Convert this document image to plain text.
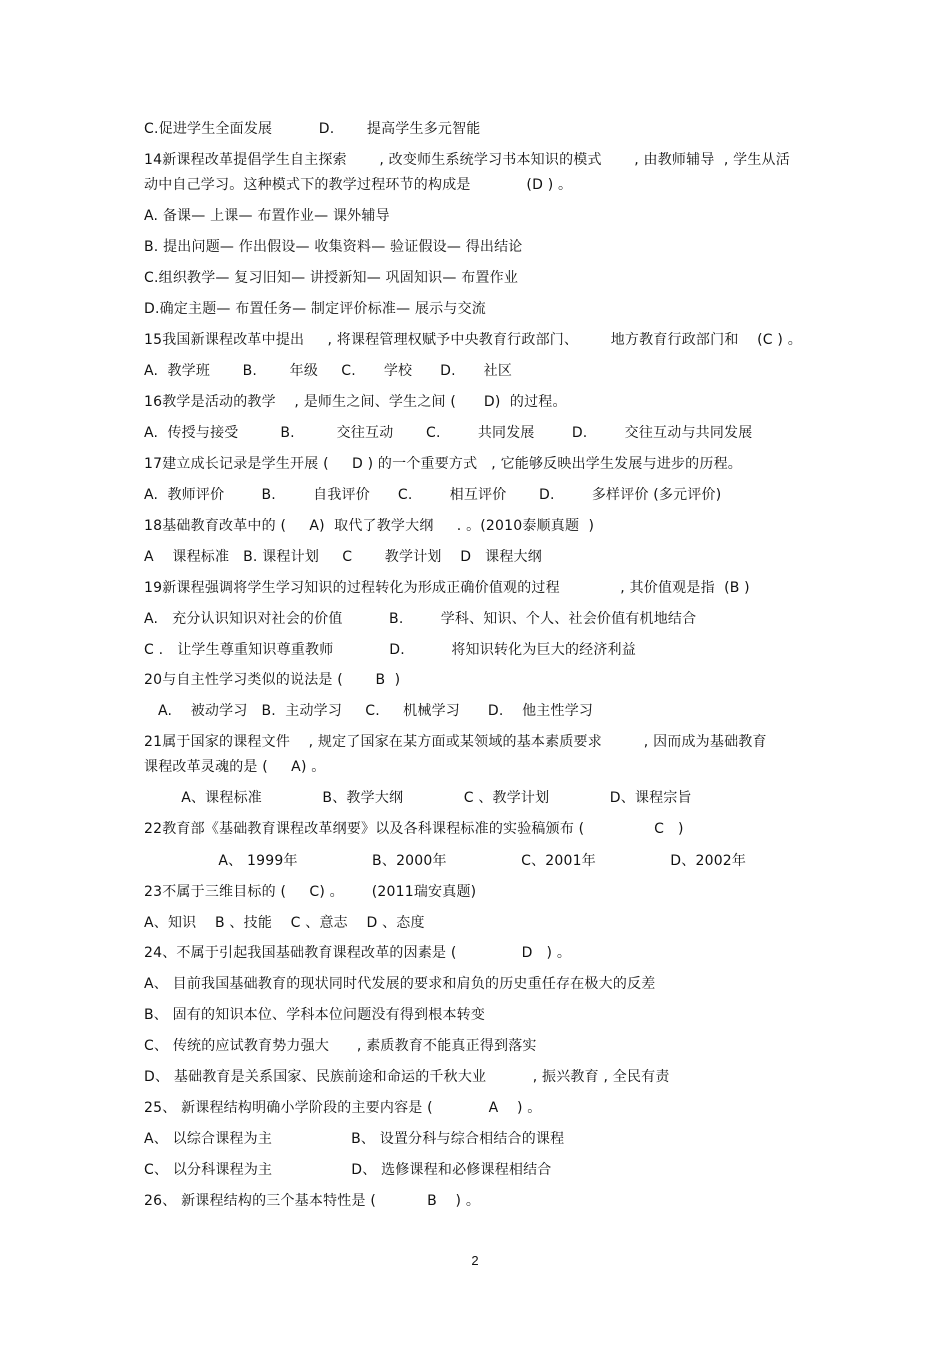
C.促进学生全面发展          D.       提高学生多元智能
14新课程改革提倡学生自主探索       , 改变师生系统学习书本知识的模式       , 由教师辅导  , 学生从活
动中自己学习。这种模式下的教学过程环节的构成是            (D ) 。
A. 备课— 上课— 布置作业— 课外辅导
B. 提出问题— 作出假设— 收集资料— 验证假设— 得出结论
C.组织教学— 复习旧知— 讲授新知— 巩固知识— 布置作业
D.确定主题— 布置任务— 制定评价标准— 展示与交流
15我国新课程改革中提出     , 将课程管理权赋予中央教育行政部门、       地方教育行政部门和    (C ) 。
A.  教学班       B.       年级     C.      学校      D.      社区
16教学是活动的教学    , 是师生之间、学生之间 (      D)  的过程。
A.  传授与接受         B.         交往互动       C.        共同发展        D.        交往互动与共同发展
17建立成长记录是学生开展 (     D ) 的一个重要方式   , 它能够反映出学生发展与进步的历程。
A.  教师评价        B.        自我评价      C.        相互评价       D.        多样评价 (多元评价)
18基础教育改革中的 (     A)  取代了教学大纲     . 。(2010泰顺真题  )
A    课程标准   B. 课程计划     C       教学计划    D   课程大纲
19新课程强调将学生学习知识的过程转化为形成正确价值观的过程             , 其价值观是指  (B )
A.   充分认识知识对社会的价值          B.        学科、知识、个人、社会价值有机地结合
C .   让学生尊重知识尊重教师            D.          将知识转化为巨大的经济利益
20与自主性学习类似的说法是 (       B  )
A.    被动学习   B.  主动学习     C.     机械学习      D.    他主性学习
21属于国家的课程文件    , 规定了国家在某方面或某领域的基本素质要求         , 因而成为基础教育
课程改革灵魂的是 (     A) 。
A、课程标准             B、教学大纲             C 、教学计划             D、课程宗旨
22教育部《基础教育课程改革纲要》以及各科课程标准的实验稿颁布 (               C   )
A、 1999年                B、2000年                C、2001年                D、2002年
23不属于三维目标的 (     C) 。      (2011瑞安真题)
A、知识    B 、技能    C 、意志    D 、态度
24、不属于引起我国基础教育课程改革的因素是 (              D   ) 。
A、 目前我国基础教育的现状同时代发展的要求和肩负的历史重任存在极大的反差
B、 固有的知识本位、学科本位问题没有得到根本转变
C、 传统的应试教育势力强大      , 素质教育不能真正得到落实
D、 基础教育是关系国家、民族前途和命运的千秋大业          , 振兴教育 , 全民有责
25、 新课程结构明确小学阶段的主要内容是 (            A    ) 。
A、 以综合课程为主                 B、 设置分科与综合相结合的课程
C、 以分科课程为主                 D、 选修课程和必修课程相结合
26、 新课程结构的三个基本特性是 (           B    ) 。
2
